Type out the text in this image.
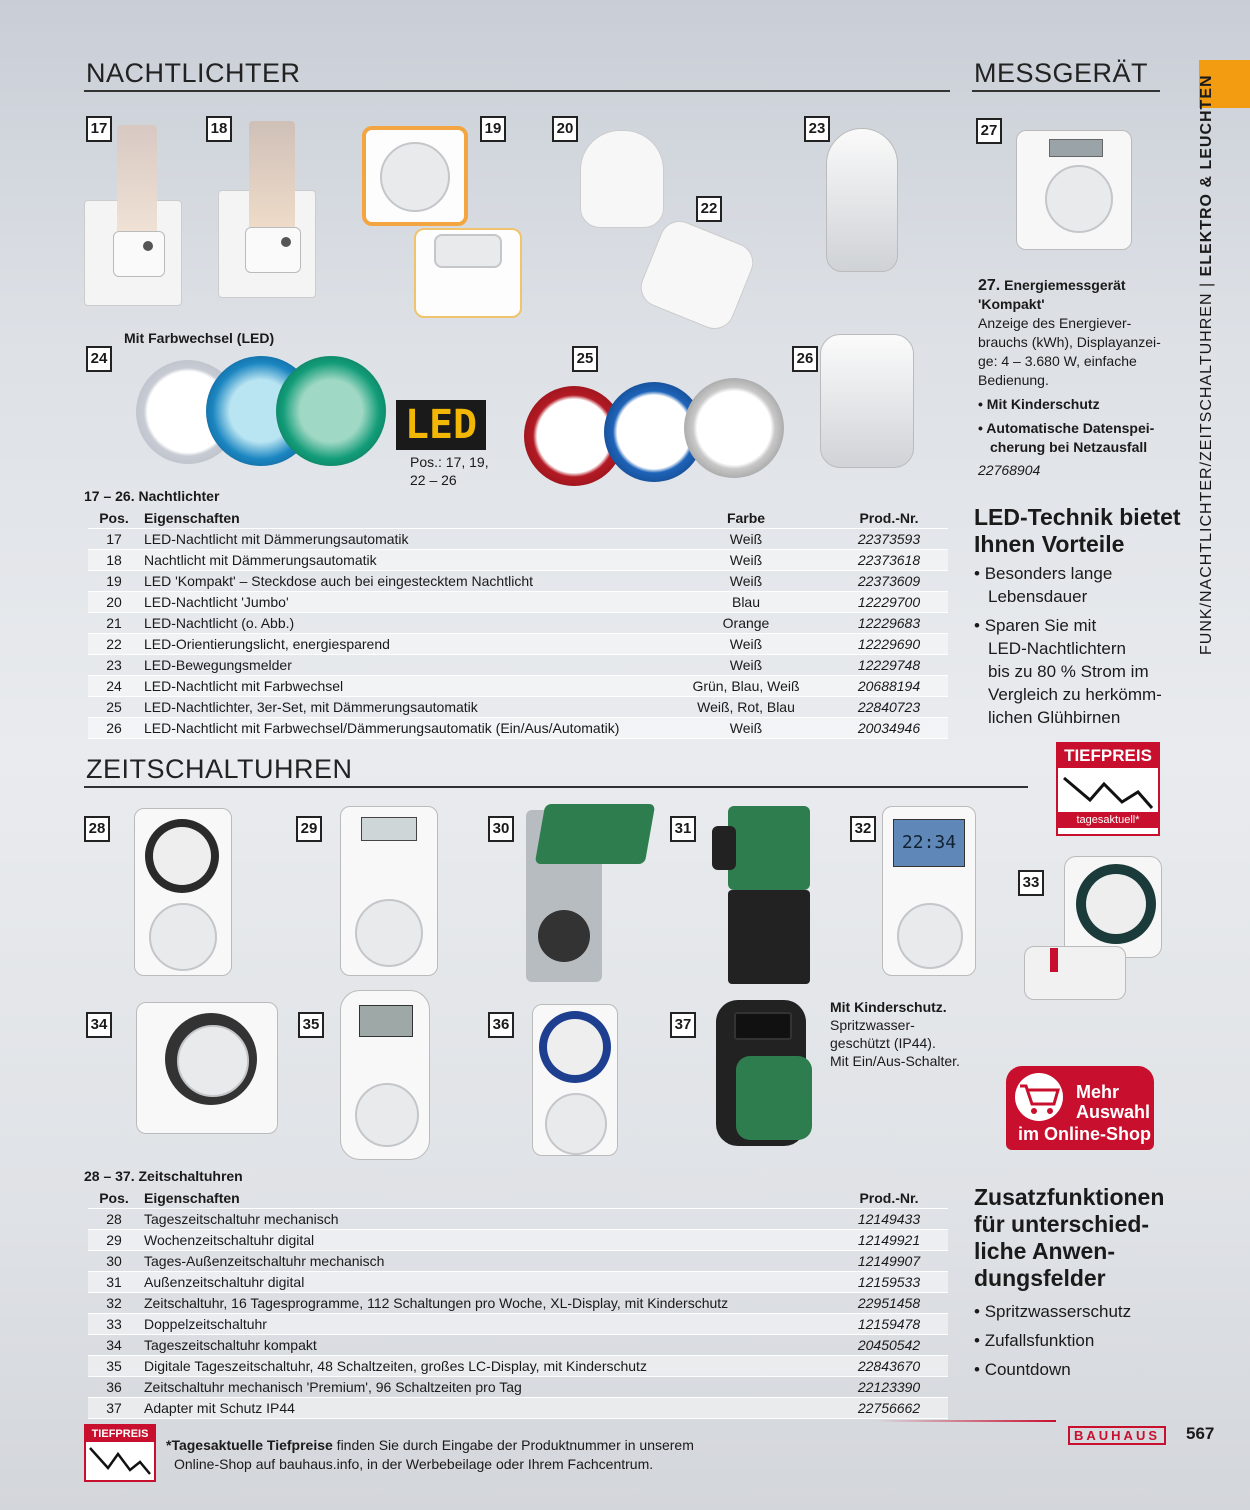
FUNK/NACHTLICHTER/ZEITSCHALTUHREN | ELEKTRO & LEUCHTEN
NACHTLICHTER	MESSGERÄT
17	18	19	20
22
23
Mit Farbwechsel (LED)
24
LED
Pos.: 17, 19,
22 – 26
25	26
27
27. Energiemessgerät
'Kompakt'
Anzeige des Energiever-
brauchs (kWh), Displayanzei-
ge: 4 – 3.680 W, einfache
Bedienung.
• Mit Kinderschutz
• Automatische Datenspei-
cherung bei Netzausfall
22768904
LED-Technik bietet
Ihnen Vorteile
• Besonders lange
Lebensdauer
• Sparen Sie mit
LED-Nachtlichtern
bis zu 80 % Strom im
Vergleich zu herkömm-
lichen Glühbirnen
17 – 26. Nachtlichter
Pos.	Eigenschaften	Farbe	Prod.-Nr.
17	LED-Nachtlicht mit Dämmerungsautomatik	Weiß	22373593
18	Nachtlicht mit Dämmerungsautomatik	Weiß	22373618
19	LED 'Kompakt' – Steckdose auch bei eingestecktem Nachtlicht	Weiß	22373609
20	LED-Nachtlicht 'Jumbo'	Blau	12229700
21	LED-Nachtlicht (o. Abb.)	Orange	12229683
22	LED-Orientierungslicht, energiesparend	Weiß	12229690
23	LED-Bewegungsmelder	Weiß	12229748
24	LED-Nachtlicht mit Farbwechsel	Grün, Blau, Weiß	20688194
25	LED-Nachtlichter, 3er-Set, mit Dämmerungsautomatik	Weiß, Rot, Blau	22840723
26	LED-Nachtlicht mit Farbwechsel/Dämmerungsautomatik (Ein/Aus/Automatik)	Weiß	20034946
ZEITSCHALTUHREN	TIEFPREIS
tagesaktuell*
28	29	30	31	32
22:34
33
34	35	36	37
Mit Kinderschutz.
Spritzwasser-
geschützt (IP44).
Mit Ein/Aus-Schalter.
Mehr
Auswahl
im Online-Shop
Zusatzfunktionen
für unterschied-
liche Anwen-
dungsfelder
• Spritzwasserschutz
• Zufallsfunktion
• Countdown
28 – 37. Zeitschaltuhren
Pos.	Eigenschaften	Prod.-Nr.
28	Tageszeitschaltuhr mechanisch	12149433
29	Wochenzeitschaltuhr digital	12149921
30	Tages-Außenzeitschaltuhr mechanisch	12149907
31	Außenzeitschaltuhr digital	12159533
32	Zeitschaltuhr, 16 Tagesprogramme, 112 Schaltungen pro Woche, XL-Display, mit Kinderschutz	22951458
33	Doppelzeitschaltuhr	12159478
34	Tageszeitschaltuhr kompakt	20450542
35	Digitale Tageszeitschaltuhr, 48 Schaltzeiten, großes LC-Display, mit Kinderschutz	22843670
36	Zeitschaltuhr mechanisch 'Premium', 96 Schaltzeiten pro Tag	22123390
37	Adapter mit Schutz IP44	22756662
TIEFPREIS
*Tagesaktuelle Tiefpreise finden Sie durch Eingabe der Produktnummer in unserem
Online-Shop auf bauhaus.info, in der Werbebeilage oder Ihrem Fachcentrum.
BAUHAUS	567
